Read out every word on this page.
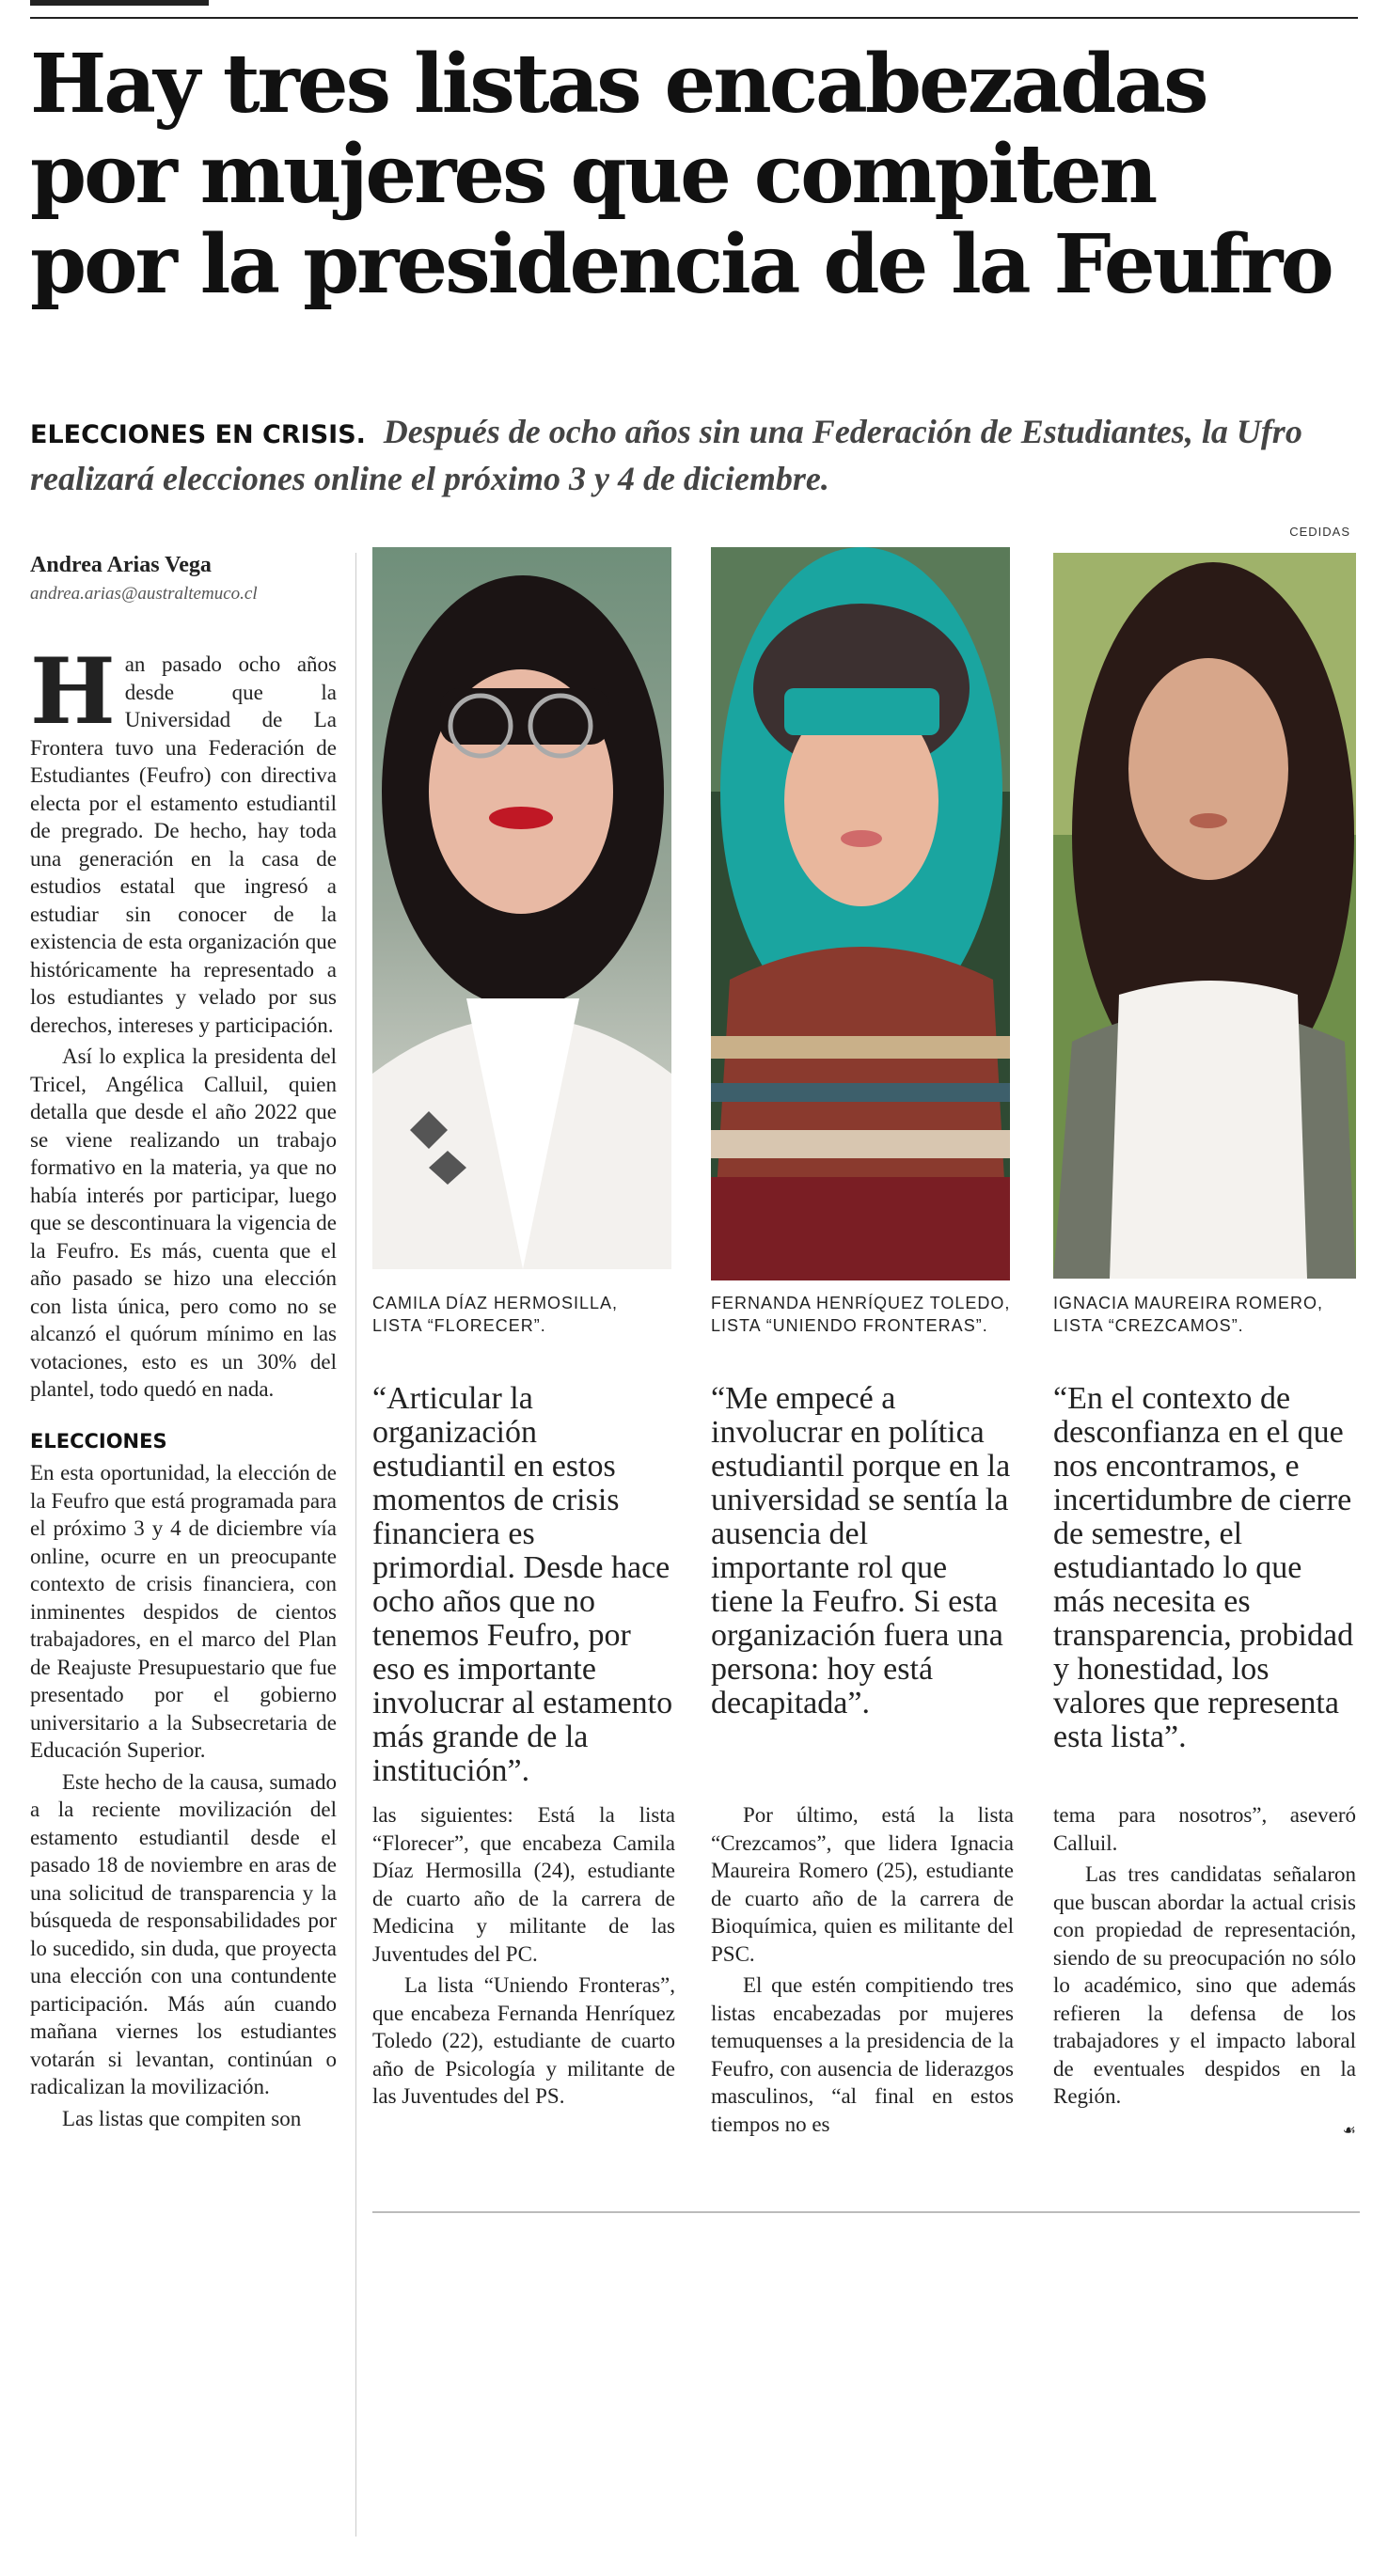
Hay tres listas encabezadas
por mujeres que compiten
por la presidencia de la Feufro
ELECCIONES EN CRISIS. Después de ocho años sin una Federación de Estudiantes, la Ufro realizará elecciones online el próximo 3 y 4 de diciembre.
CEDIDAS
Andrea Arias Vega
andrea.arias@australtemuco.cl

Han pasado ocho años desde que la Universidad de La Frontera tuvo una Federación de Estudiantes (Feufro) con directiva electa por el estamento estudiantil de pregrado. De hecho, hay toda una generación en la casa de estudios estatal que ingresó a estudiar sin conocer de la existencia de esta organización que históricamente ha representado a los estudiantes y velado por sus derechos, intereses y participación.

Así lo explica la presidenta del Tricel, Angélica Calluil, quien detalla que desde el año 2022 que se viene realizando un trabajo formativo en la materia, ya que no había interés por participar, luego que se descontinuara la vigencia de la Feufro. Es más, cuenta que el año pasado se hizo una elección con lista única, pero como no se alcanzó el quórum mínimo en las votaciones, esto es un 30% del plantel, todo quedó en nada.

ELECCIONES

En esta oportunidad, la elección de la Feufro que está programada para el próximo 3 y 4 de diciembre vía online, ocurre en un preocupante contexto de crisis financiera, con inminentes despidos de cientos trabajadores, en el marco del Plan de Reajuste Presupuestario que fue presentado por el gobierno universitario a la Subsecretaria de Educación Superior.

Este hecho de la causa, sumado a la reciente movilización del estamento estudiantil desde el pasado 18 de noviembre en aras de una solicitud de transparencia y la búsqueda de responsabilidades por lo sucedido, sin duda, que proyecta una elección con una contundente participación. Más aún cuando mañana viernes los estudiantes votarán si levantan, continúan o radicalizan la movilización.

Las listas que compiten son

CAMILA DÍAZ HERMOSILLA, LISTA “FLORECER”.
“Articular la organización estudiantil en estos momentos de crisis financiera es primordial. Desde hace ocho años que no tenemos Feufro, por eso es importante involucrar al estamento más grande de la institución”.
FERNANDA HENRÍQUEZ TOLEDO, LISTA “UNIENDO FRONTERAS”.
“Me empecé a involucrar en política estudiantil porque en la universidad se sentía la ausencia del importante rol que tiene la Feufro. Si esta organización fuera una persona: hoy está decapitada”.
IGNACIA MAUREIRA ROMERO, LISTA “CREZCAMOS”.
“En el contexto de desconfianza en el que nos encontramos, e incertidumbre de cierre de semestre, el estudiantado lo que más necesita es transparencia, probidad y honestidad, los valores que representa esta lista”.

las siguientes: Está la lista “Florecer”, que encabeza Camila Díaz Hermosilla (24), estudiante de cuarto año de la carrera de Medicina y militante de las Juventudes del PC.

La lista “Uniendo Fronteras”, que encabeza Fernanda Henríquez Toledo (22), estudiante de cuarto año de Psicología y militante de las Juventudes del PS.

Por último, está la lista “Crezcamos”, que lidera Ignacia Maureira Romero (25), estudiante de cuarto año de la carrera de Bioquímica, quien es militante del PSC.

El que estén compitiendo tres listas encabezadas por mujeres temuquenses a la presidencia de la Feufro, con ausencia de liderazgos masculinos, “al final en estos tiempos no es

tema para nosotros”, aseveró Calluil.

Las tres candidatas señalaron que buscan abordar la actual crisis con propiedad de representación, siendo de su preocupación no sólo lo académico, sino que además refieren la defensa de los trabajadores y el impacto laboral de eventuales despidos en la Región.

☙
